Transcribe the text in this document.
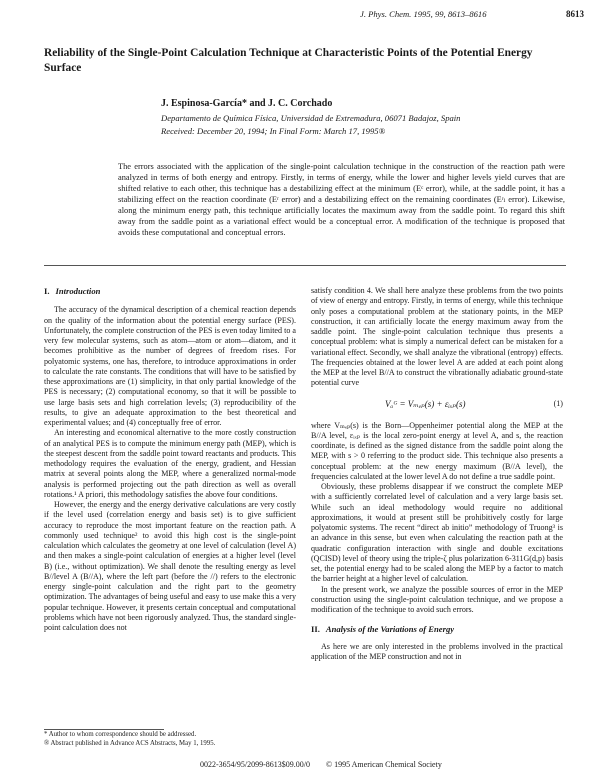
J. Phys. Chem. 1995, 99, 8613–8616	8613
Reliability of the Single-Point Calculation Technique at Characteristic Points of the Potential Energy Surface
J. Espinosa-García* and J. C. Corchado
Departamento de Química Física, Universidad de Extremadura, 06071 Badajoz, Spain
Received: December 20, 1994; In Final Form: March 17, 1995®
The errors associated with the application of the single-point calculation technique in the construction of the reaction path were analyzed in terms of both energy and entropy. Firstly, in terms of energy, while the lower and higher levels yield curves that are shifted relative to each other, this technique has a destabilizing effect at the minimum (Eᶜ error), while, at the saddle point, it has a stabilizing effect on the reaction coordinate (Eʳ error) and a destabilizing effect on the remaining coordinates (Eʳₗ error). Likewise, along the minimum energy path, this technique artificially locates the maximum away from the saddle point. To regard this shift away from the saddle point as a variational effect would be a conceptual error. A modification of the technique is proposed that avoids these computational and conceptual errors.
I. Introduction

The accuracy of the dynamical description of a chemical reaction depends on the quality of the information about the potential energy surface (PES). Unfortunately, the complete construction of the PES is even today limited to a very few molecular systems, such as atom—atom or atom—diatom, and it becomes prohibitive as the number of degrees of freedom rises. For polyatomic systems, one has, therefore, to introduce approximations in order to calculate the rate constants. The conditions that will have to be satisfied by these approximations are (1) simplicity, in that only partial knowledge of the PES is necessary; (2) computational economy, so that it will be possible to use large basis sets and high correlation levels; (3) reproducibility of the results, to give an adequate approximation to the best theoretical and experimental values; and (4) conceptually free of error.

An interesting and economical alternative to the more costly construction of an analytical PES is to compute the minimum energy path (MEP), which is the steepest descent from the saddle point toward reactants and products. This methodology requires the evaluation of the energy, gradient, and Hessian matrix at several points along the MEP, where a generalized normal-mode analysis is performed projecting out the path direction as well as overall rotations.¹ A priori, this methodology satisfies the above four conditions.

However, the energy and the energy derivative calculations are very costly if the level used (correlation energy and basis set) is to give sufficient accuracy to reproduce the most important feature on the reaction path. A commonly used technique² to avoid this high cost is the single-point calculation which calculates the geometry at one level of calculation (level A) and then makes a single-point calculation of energies at a higher level (level B) (i.e., without optimization). We shall denote the resulting energy as level B//level A (B//A), where the left part (before the //) refers to the electronic energy single-point calculation and the right part to the geometry optimization. The advantages of being useful and easy to use make this a very popular technique. However, it presents certain conceptual and computational problems which have not been rigorously analyzed. Thus, the standard single-point calculation does not

* Author to whom correspondence should be addressed.
® Abstract published in Advance ACS Abstracts, May 1, 1995.

satisfy condition 4. We shall here analyze these problems from the two points of view of energy and entropy. Firstly, in terms of energy, while this technique only poses a computational problem at the stationary points, in the MEP construction, it can artificially locate the energy maximum away from the saddle point. The single-point calculation technique thus presents a conceptual problem: what is simply a numerical defect can be mistaken for a variational effect. Secondly, we shall analyze the vibrational (entropy) effects. The frequencies obtained at the lower level A are added at each point along the MEP at the level B//A to construct the vibrationally adiabatic ground-state potential curve

Vₐᴳ = Vₘₑₚ(s) + εᵢₓₚ(s)	(1)

where Vₘₑₚ(s) is the Born—Oppenheimer potential along the MEP at the B//A level, εᵢₓₚ is the local zero-point energy at level A, and s, the reaction coordinate, is defined as the signed distance from the saddle point along the MEP, with s > 0 referring to the product side. This technique also presents a conceptual problem: at the new energy maximum (B//A level), the frequencies calculated at the lower level A do not define a true saddle point.

Obviously, these problems disappear if we construct the complete MEP with a sufficiently correlated level of calculation and a very large basis set. While such an ideal methodology would require no additional approximations, it would at present still be prohibitively costly for large polyatomic systems. The recent “direct ab initio” methodology of Truong³ is an advance in this sense, but even when calculating the reaction path at the quadratic configuration interaction with single and double excitations (QCISD) level of theory using the triple-ζ plus polarization 6-311G(d,p) basis set, the potential energy had to be scaled along the MEP by a factor to match the barrier height at a higher level of calculation.

In the present work, we analyze the possible sources of error in the MEP construction using the single-point calculation technique, and we propose a modification of the technique to avoid such errors.

II. Analysis of the Variations of Energy

As here we are only interested in the problems involved in the practical application of the MEP construction and not in

0022-3654/95/2099-8613$09.00/0 © 1995 American Chemical Society
